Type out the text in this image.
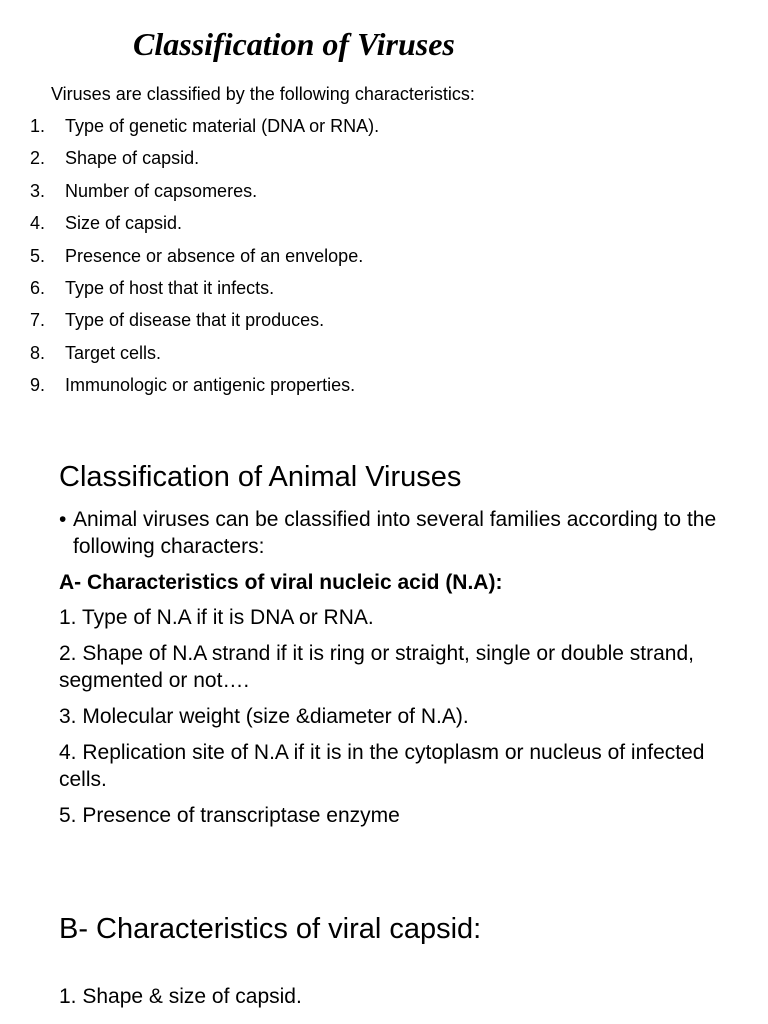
Classification of Viruses
Viruses are classified by the following characteristics:
1. Type of genetic material (DNA or RNA).
2. Shape of capsid.
3. Number of capsomeres.
4. Size of capsid.
5. Presence or absence of an envelope.
6. Type of host that it infects.
7. Type of disease that it produces.
8. Target cells.
9. Immunologic or antigenic properties.
Classification of Animal Viruses
• Animal viruses can be classified into several families according to the following characters:
A- Characteristics of viral nucleic acid (N.A):
1. Type of N.A if it is DNA or RNA.
2. Shape of N.A strand if it is ring or straight, single or double strand, segmented or not….
3. Molecular weight (size &diameter of N.A).
4. Replication site of N.A if it is in the cytoplasm or nucleus of infected cells.
5. Presence of transcriptase enzyme
B- Characteristics of viral capsid:
1. Shape & size of capsid.
